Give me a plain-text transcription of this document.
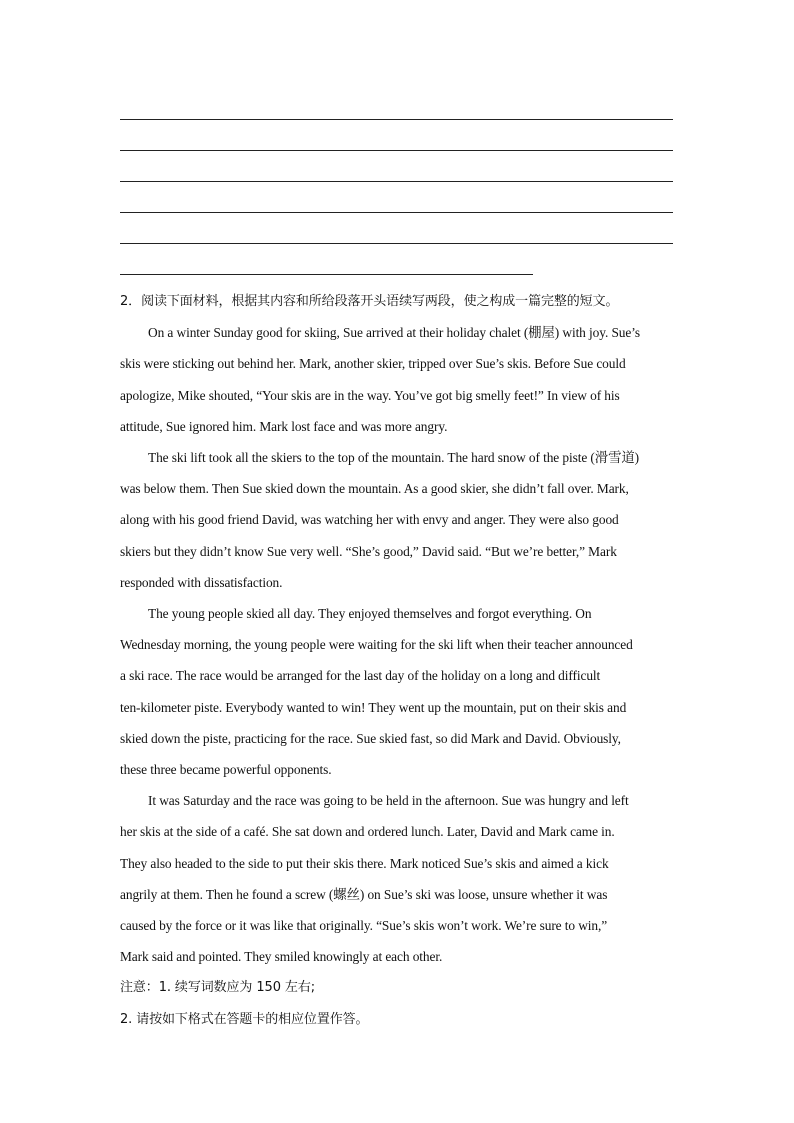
2．阅读下面材料，根据其内容和所给段落开头语续写两段，使之构成一篇完整的短文。

On a winter Sunday good for skiing, Sue arrived at their holiday chalet (棚屋) with joy. Sue’s
skis were sticking out behind her. Mark, another skier, tripped over Sue’s skis. Before Sue could
apologize, Mike shouted, “Your skis are in the way. You’ve got big smelly feet!” In view of his
attitude, Sue ignored him. Mark lost face and was more angry.

The ski lift took all the skiers to the top of the mountain. The hard snow of the piste (滑雪道)
was below them. Then Sue skied down the mountain. As a good skier, she didn’t fall over. Mark,
along with his good friend David, was watching her with envy and anger. They were also good
skiers but they didn’t know Sue very well. “She’s good,” David said. “But we’re better,” Mark
responded with dissatisfaction.

The young people skied all day. They enjoyed themselves and forgot everything. On
Wednesday morning, the young people were waiting for the ski lift when their teacher announced
a ski race. The race would be arranged for the last day of the holiday on a long and difficult
ten-kilometer piste. Everybody wanted to win! They went up the mountain, put on their skis and
skied down the piste, practicing for the race. Sue skied fast, so did Mark and David. Obviously,
these three became powerful opponents.

It was Saturday and the race was going to be held in the afternoon. Sue was hungry and left
her skis at the side of a café. She sat down and ordered lunch. Later, David and Mark came in.
They also headed to the side to put their skis there. Mark noticed Sue’s skis and aimed a kick
angrily at them. Then he found a screw (螺丝) on Sue’s ski was loose, unsure whether it was
caused by the force or it was like that originally. “Sue’s skis won’t work. We’re sure to win,”
Mark said and pointed. They smiled knowingly at each other.

注意：1. 续写词数应为 150 左右;

2. 请按如下格式在答题卡的相应位置作答。
